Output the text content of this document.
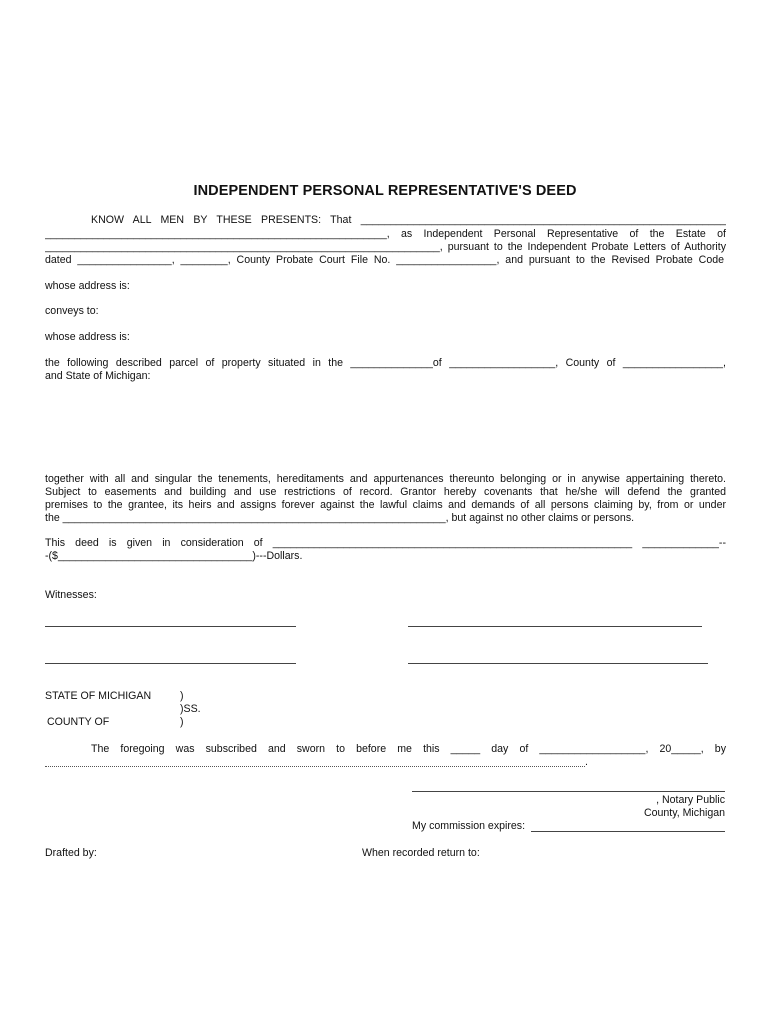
INDEPENDENT PERSONAL REPRESENTATIVE'S DEED

KNOW ALL MEN BY THESE PRESENTS: That ______________________________________________________________

__________________________________________________________, as Independent Personal Representative of the Estate of

___________________________________________________________________, pursuant to the Independent Probate Letters of Authority

dated ________________, ________, County Probate Court File No. _________________, and pursuant to the Revised Probate Code

whose address is:

conveys to:

whose address is:

the following described parcel of property situated in the ______________of __________________, County of _________________,

and State of Michigan:

together with all and singular the tenements, hereditaments and appurtenances thereunto belonging or in anywise appertaining thereto.

Subject to easements and building and use restrictions of record. Grantor hereby covenants that he/she will defend the granted

premises to the grantee, its heirs and assigns forever against the lawful claims and demands of all persons claiming by, from or under

the _________________________________________________________________, but against no other claims or persons.

This deed is given in consideration of _____________________________________________________________ _____________--

-($_________________________________)---Dollars.

Witnesses:

STATE OF MICHIGAN

COUNTY OF

)

)SS.

)

The foregoing was subscribed and sworn to before me this _____ day of __________________, 20_____, by

.

, Notary Public

County, Michigan

My commission expires:

Drafted by:	When recorded return to:
